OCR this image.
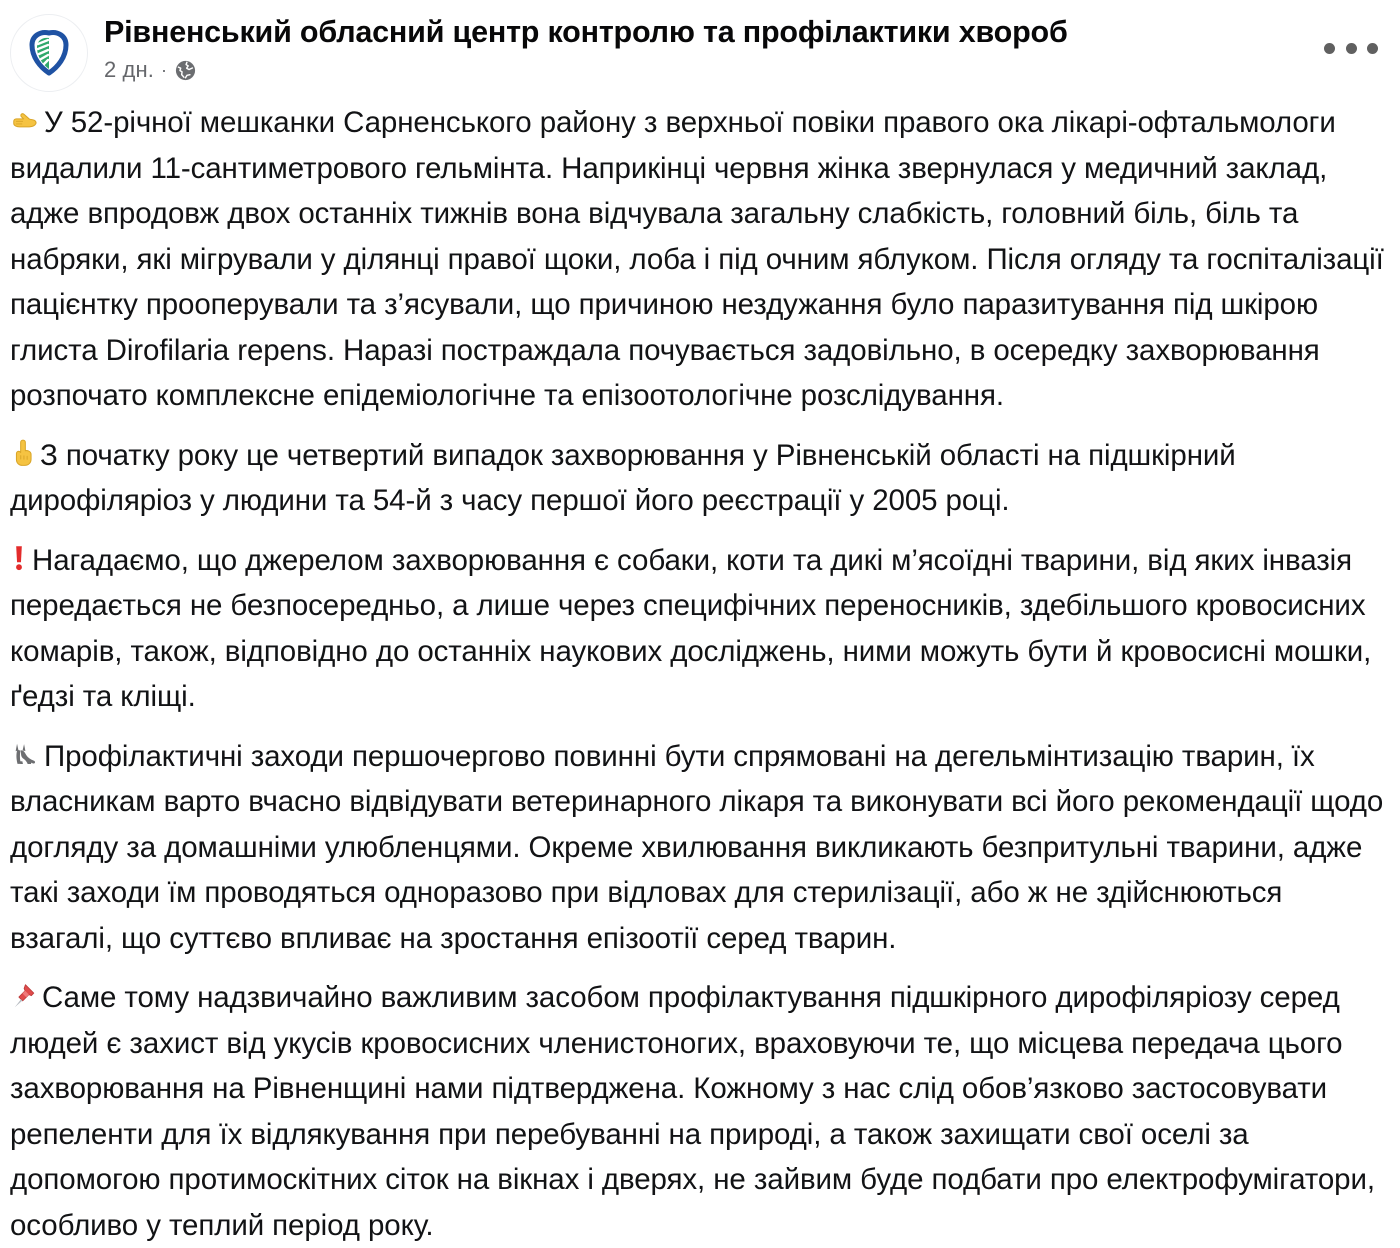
Рівненський обласний центр контролю та профілактики хвороб
2 дн. ·

У 52-річної мешканки Сарненського району з верхньої повіки правого ока лікарі-офтальмологи видалили 11-сантиметрового гельмінта. Наприкінці червня жінка звернулася у медичний заклад, адже впродовж двох останніх тижнів вона відчувала загальну слабкість, головний біль, біль та набряки, які мігрували у ділянці правої щоки, лоба і під очним яблуком. Після огляду та госпіталізації пацієнтку прооперували та з’ясували, що причиною нездужання було паразитування під шкірою глиста Dirofilaria repens. Наразі постраждала почувається задовільно, в осередку захворювання розпочато комплексне епідеміологічне та епізоотологічне розслідування.

З початку року це четвертий випадок захворювання у Рівненській області на підшкірний дирофіляріоз у людини та 54-й з часу першої його реєстрації у 2005 році.

Нагадаємо, що джерелом захворювання є собаки, коти та дикі м’ясоїдні тварини, від яких інвазія передається не безпосередньо, а лише через специфічних переносників, здебільшого кровосисних комарів, також, відповідно до останніх наукових досліджень, ними можуть бути й кровосисні мошки, ґедзі та кліщі.

Профілактичні заходи першочергово повинні бути спрямовані на дегельмінтизацію тварин, їх власникам варто вчасно відвідувати ветеринарного лікаря та виконувати всі його рекомендації щодо догляду за домашніми улюбленцями. Окреме хвилювання викликають безпритульні тварини, адже такі заходи їм проводяться одноразово при відловах для стерилізації, або ж не здійснюються взагалі, що суттєво впливає на зростання епізоотії серед тварин.

Саме тому надзвичайно важливим засобом профілактування підшкірного дирофіляріозу серед людей є захист від укусів кровосисних членистоногих, враховуючи те, що місцева передача цього захворювання на Рівненщині нами підтверджена. Кожному з нас слід обов’язково застосовувати репеленти для їх відлякування при перебуванні на природі, а також захищати свої оселі за допомогою протимоскітних сіток на вікнах і дверях, не зайвим буде подбати про електрофумігатори, особливо у теплий період року.
